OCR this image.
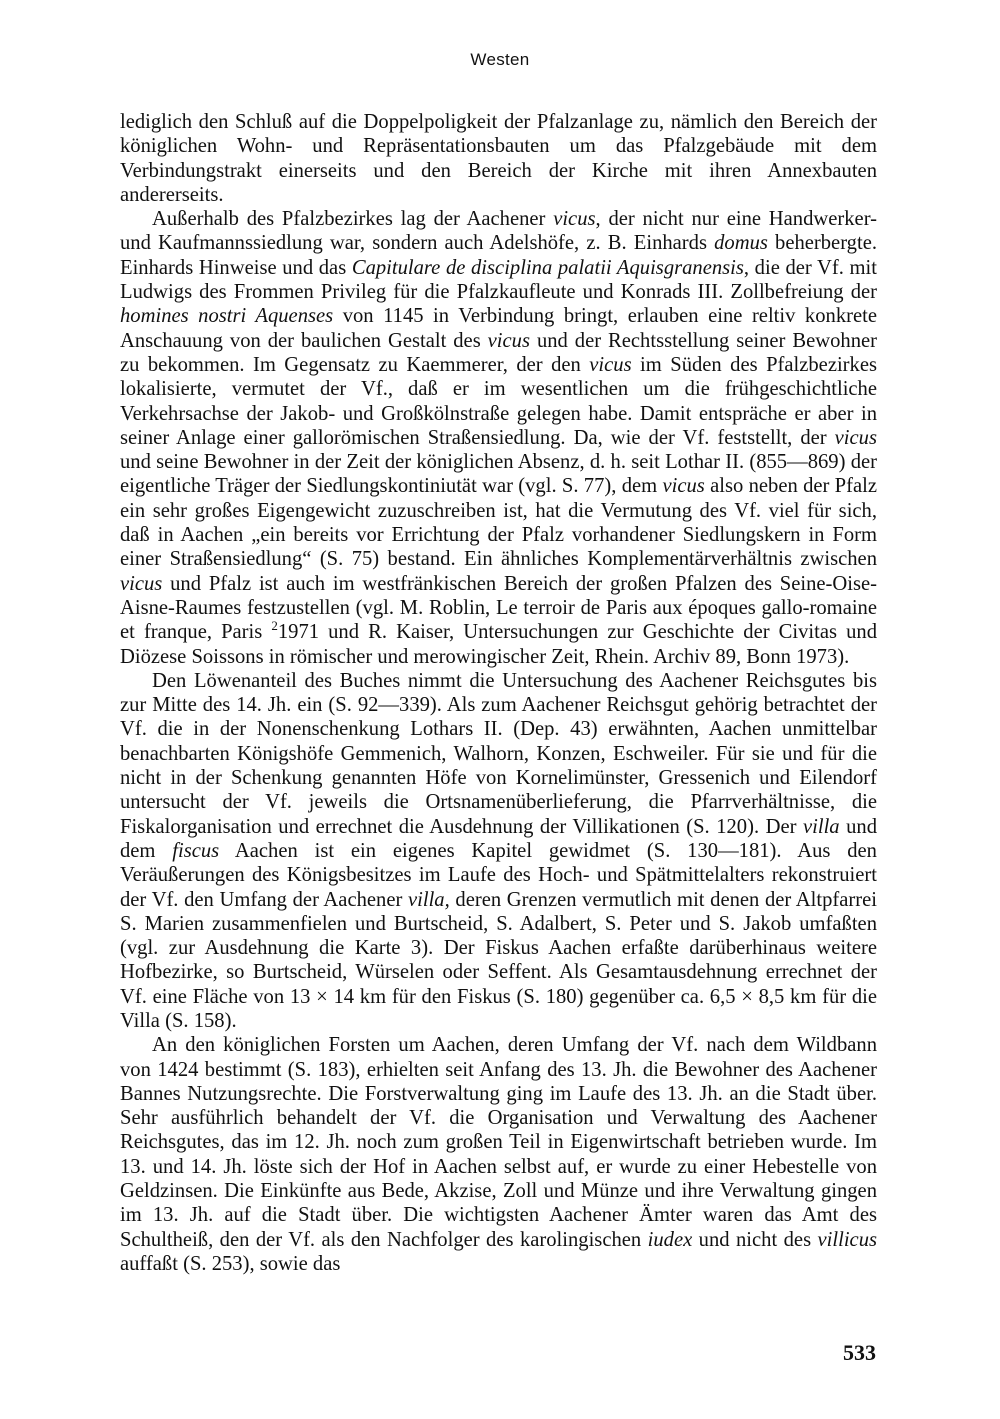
Westen

lediglich den Schluß auf die Doppelpoligkeit der Pfalzanlage zu, nämlich den Bereich der königlichen Wohn- und Repräsentationsbauten um das Pfalzgebäude mit dem Verbindungstrakt einerseits und den Bereich der Kirche mit ihren Annexbauten andererseits.

Außerhalb des Pfalzbezirkes lag der Aachener vicus, der nicht nur eine Handwerker- und Kaufmannssiedlung war, sondern auch Adelshöfe, z. B. Einhards domus beherbergte. Einhards Hinweise und das Capitulare de disciplina palatii Aquisgranensis, die der Vf. mit Ludwigs des Frommen Privileg für die Pfalzkaufleute und Konrads III. Zollbefreiung der homines nostri Aquenses von 1145 in Verbindung bringt, erlauben eine reltiv konkrete Anschauung von der baulichen Gestalt des vicus und der Rechtsstellung seiner Bewohner zu bekommen. Im Gegensatz zu Kaemmerer, der den vicus im Süden des Pfalzbezirkes lokalisierte, vermutet der Vf., daß er im wesentlichen um die frühgeschichtliche Verkehrsachse der Jakob- und Großkölnstraße gelegen habe. Damit entspräche er aber in seiner Anlage einer gallorömischen Straßensiedlung. Da, wie der Vf. feststellt, der vicus und seine Bewohner in der Zeit der königlichen Absenz, d. h. seit Lothar II. (855—869) der eigentliche Träger der Siedlungskontiniutät war (vgl. S. 77), dem vicus also neben der Pfalz ein sehr großes Eigengewicht zuzuschreiben ist, hat die Vermutung des Vf. viel für sich, daß in Aachen „ein bereits vor Errichtung der Pfalz vorhandener Siedlungskern in Form einer Straßensiedlung“ (S. 75) bestand. Ein ähnliches Komplementärverhältnis zwischen vicus und Pfalz ist auch im westfränkischen Bereich der großen Pfalzen des Seine-Oise-Aisne-Raumes festzustellen (vgl. M. Roblin, Le terroir de Paris aux époques gallo-romaine et franque, Paris $^2$1971 und R. Kaiser, Untersuchungen zur Geschichte der Civitas und Diözese Soissons in römischer und merowingischer Zeit, Rhein. Archiv 89, Bonn 1973).

Den Löwenanteil des Buches nimmt die Untersuchung des Aachener Reichsgutes bis zur Mitte des 14. Jh. ein (S. 92—339). Als zum Aachener Reichsgut gehörig betrachtet der Vf. die in der Nonenschenkung Lothars II. (Dep. 43) erwähnten, Aachen unmittelbar benachbarten Königshöfe Gemmenich, Walhorn, Konzen, Eschweiler. Für sie und für die nicht in der Schenkung genannten Höfe von Kornelimünster, Gressenich und Eilendorf untersucht der Vf. jeweils die Ortsnamenüberlieferung, die Pfarrverhältnisse, die Fiskalorganisation und errechnet die Ausdehnung der Villikationen (S. 120). Der villa und dem fiscus Aachen ist ein eigenes Kapitel gewidmet (S. 130—181). Aus den Veräußerungen des Königsbesitzes im Laufe des Hoch- und Spätmittelalters rekonstruiert der Vf. den Umfang der Aachener villa, deren Grenzen vermutlich mit denen der Altpfarrei S. Marien zusammenfielen und Burtscheid, S. Adalbert, S. Peter und S. Jakob umfaßten (vgl. zur Ausdehnung die Karte 3). Der Fiskus Aachen erfaßte darüberhinaus weitere Hofbezirke, so Burtscheid, Würselen oder Seffent. Als Gesamtausdehnung errechnet der Vf. eine Fläche von 13 × 14 km für den Fiskus (S. 180) gegenüber ca. 6,5 × 8,5 km für die Villa (S. 158).

An den königlichen Forsten um Aachen, deren Umfang der Vf. nach dem Wildbann von 1424 bestimmt (S. 183), erhielten seit Anfang des 13. Jh. die Bewohner des Aachener Bannes Nutzungsrechte. Die Forstverwaltung ging im Laufe des 13. Jh. an die Stadt über. Sehr ausführlich behandelt der Vf. die Organisation und Verwaltung des Aachener Reichsgutes, das im 12. Jh. noch zum großen Teil in Eigenwirtschaft betrieben wurde. Im 13. und 14. Jh. löste sich der Hof in Aachen selbst auf, er wurde zu einer Hebestelle von Geldzinsen. Die Einkünfte aus Bede, Akzise, Zoll und Münze und ihre Verwaltung gingen im 13. Jh. auf die Stadt über. Die wichtigsten Aachener Ämter waren das Amt des Schultheiß, den der Vf. als den Nachfolger des karolingischen iudex und nicht des villicus auffaßt (S. 253), sowie das

533
